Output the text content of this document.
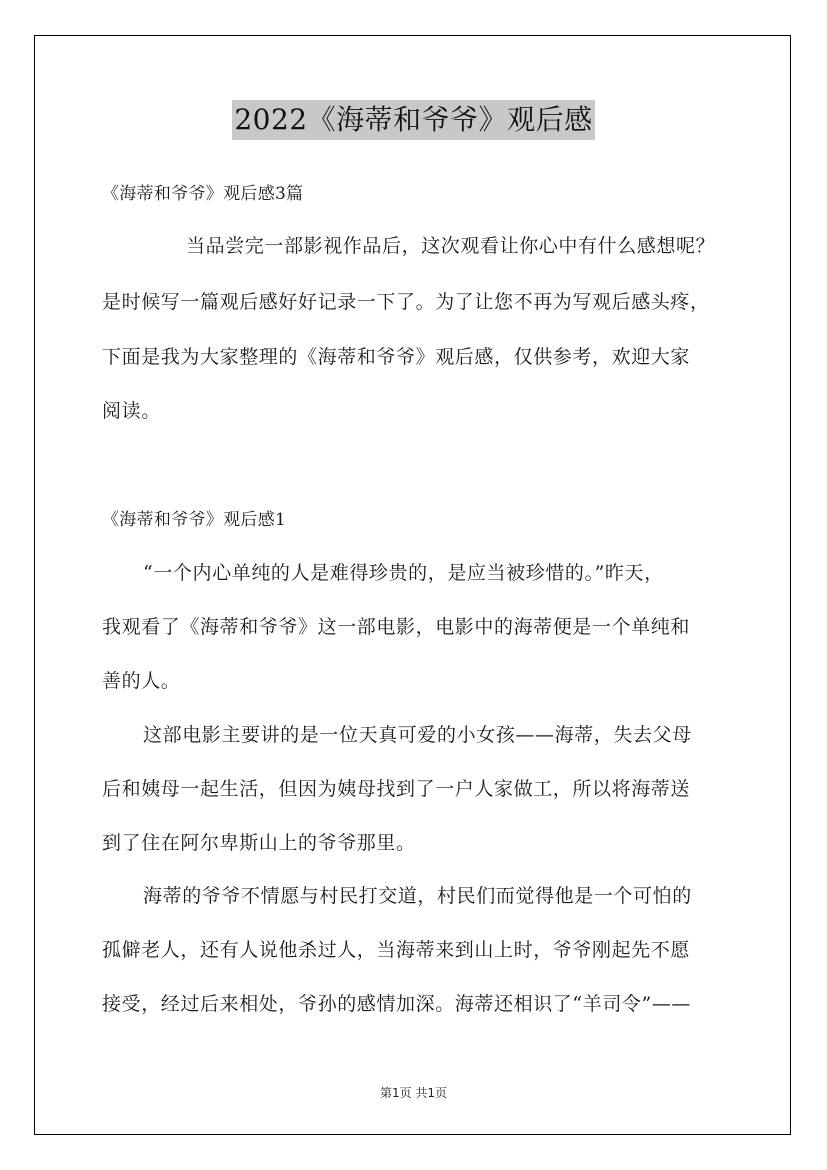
2022《海蒂和爷爷》观后感
《海蒂和爷爷》观后感3篇
当品尝完一部影视作品后，这次观看让你心中有什么感想呢？
是时候写一篇观后感好好记录一下了。为了让您不再为写观后感头疼，
下面是我为大家整理的《海蒂和爷爷》观后感，仅供参考，欢迎大家
阅读。
《海蒂和爷爷》观后感1
“一个内心单纯的人是难得珍贵的，是应当被珍惜的。”昨天，
我观看了《海蒂和爷爷》这一部电影，电影中的海蒂便是一个单纯和
善的人。
这部电影主要讲的是一位天真可爱的小女孩——海蒂，失去父母
后和姨母一起生活，但因为姨母找到了一户人家做工，所以将海蒂送
到了住在阿尔卑斯山上的爷爷那里。
海蒂的爷爷不情愿与村民打交道，村民们而觉得他是一个可怕的
孤僻老人，还有人说他杀过人，当海蒂来到山上时，爷爷刚起先不愿
接受，经过后来相处，爷孙的感情加深。海蒂还相识了“羊司令”——
第1页 共1页
